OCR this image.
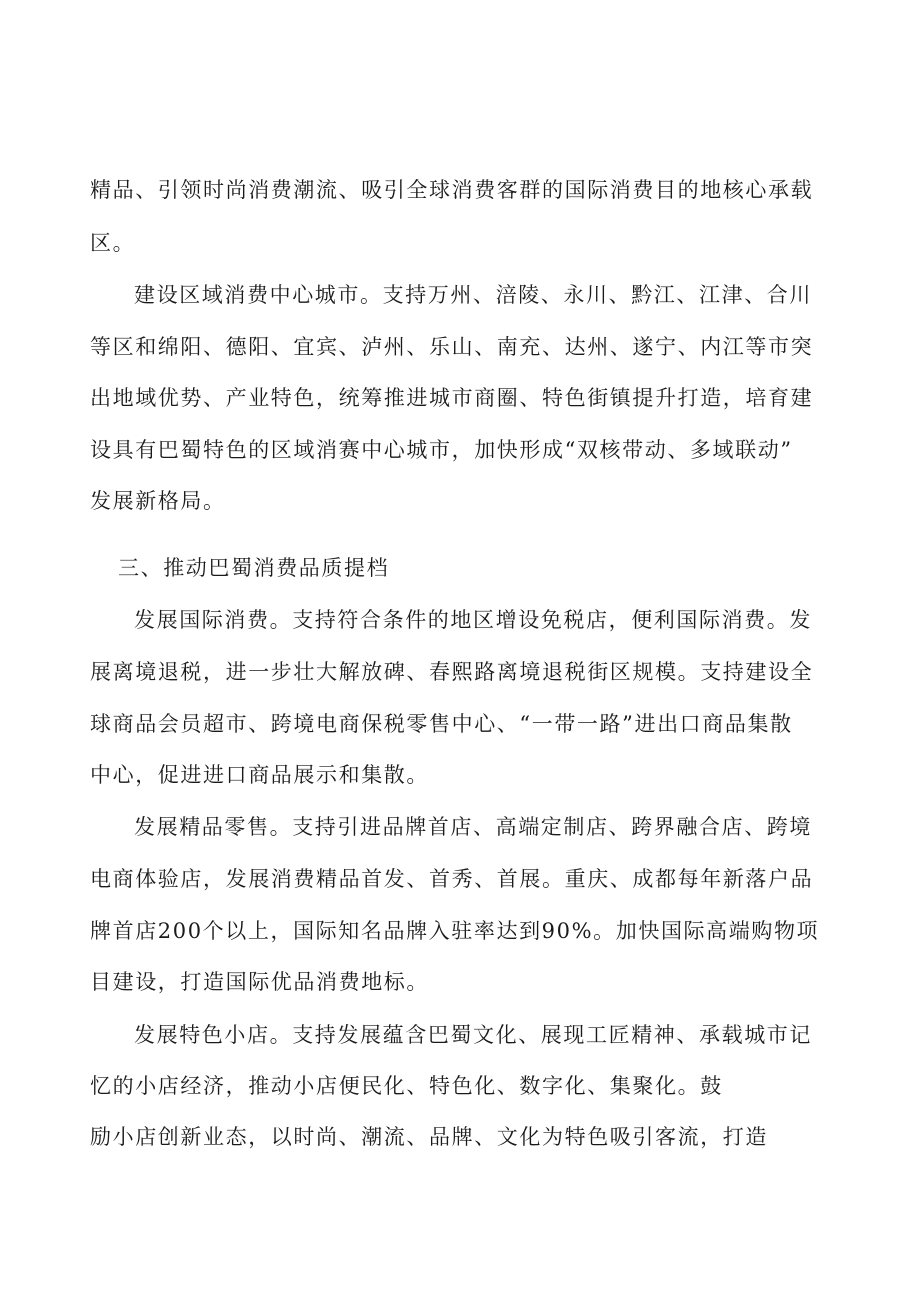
精品、引领时尚消费潮流、吸引全球消费客群的国际消费目的地核心承载
区。
建设区域消费中心城市。支持万州、涪陵、永川、黔江、江津、合川
等区和绵阳、德阳、宜宾、泸州、乐山、南充、达州、遂宁、内江等市突
出地域优势、产业特色，统筹推进城市商圈、特色街镇提升打造，培育建
设具有巴蜀特色的区域消赛中心城市，加快形成“双核带动、多域联动”
发展新格局。
三、推动巴蜀消费品质提档
发展国际消费。支持符合条件的地区增设免税店，便利国际消费。发
展离境退税，进一步壮大解放碑、春熙路离境退税街区规模。支持建设全
球商品会员超市、跨境电商保税零售中心、“一带一路”进出口商品集散
中心，促进进口商品展示和集散。
发展精品零售。支持引进品牌首店、高端定制店、跨界融合店、跨境
电商体验店，发展消费精品首发、首秀、首展。重庆、成都每年新落户品
牌首店200个以上，国际知名品牌入驻率达到90%。加快国际高端购物项
目建设，打造国际优品消费地标。
发展特色小店。支持发展蕴含巴蜀文化、展现工匠精神、承载城市记
忆的小店经济，推动小店便民化、特色化、数字化、集聚化。鼓
励小店创新业态，以时尚、潮流、品牌、文化为特色吸引客流，打造
